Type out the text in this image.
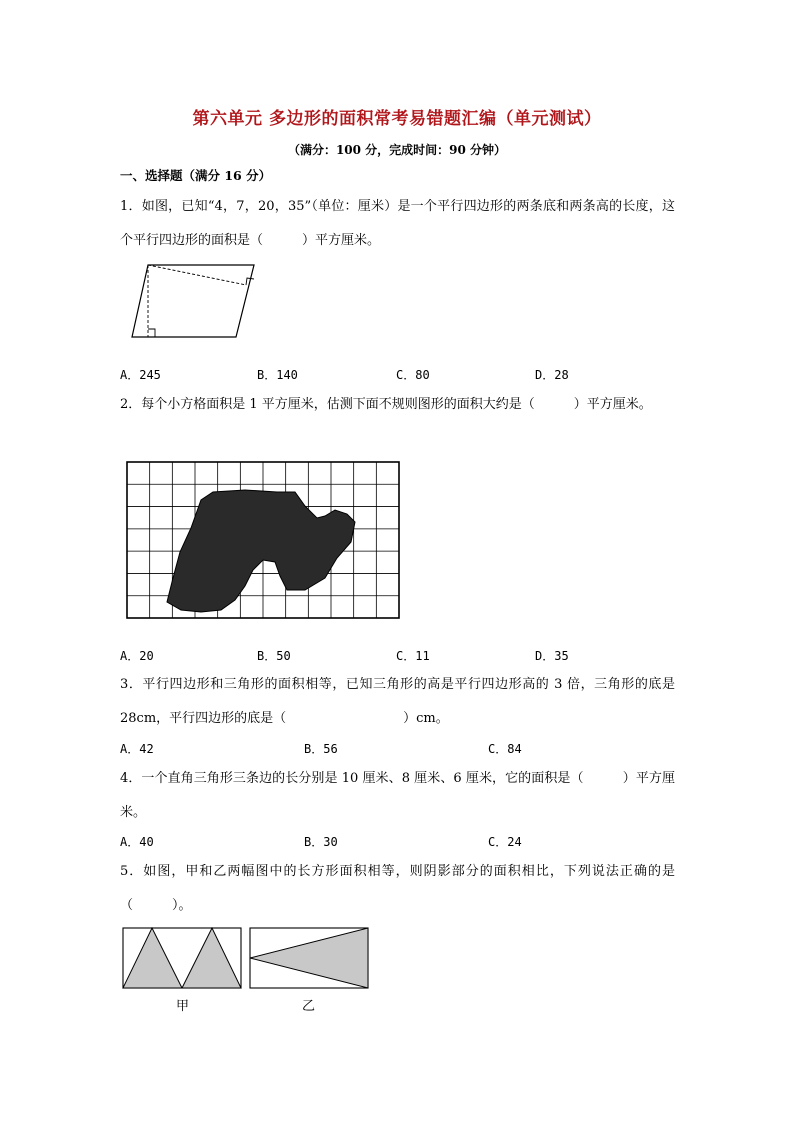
第六单元 多边形的面积常考易错题汇编（单元测试）
（满分：100 分，完成时间：90 分钟）
一、选择题（满分 16 分）
1．如图，已知“4，7，20，35”（单位：厘米）是一个平行四边形的两条底和两条高的长度，这个平行四边形的面积是（　　　）平方厘米。
A．245	B．140	C．80	D．28
2．每个小方格面积是 1 平方厘米，估测下面不规则图形的面积大约是（　　　）平方厘米。
A．20	B．50	C．11	D．35
3．平行四边形和三角形的面积相等，已知三角形的高是平行四边形高的 3 倍，三角形的底是 28cm，平行四边形的底是（　　　　　　　　　）cm。
A．42	B．56	C．84
4．一个直角三角形三条边的长分别是 10 厘米、8 厘米、6 厘米，它的面积是（　　　）平方厘米。
A．40	B．30	C．24
5．如图，甲和乙两幅图中的长方形面积相等，则阴影部分的面积相比，下列说法正确的是（　　　）。
甲	乙
